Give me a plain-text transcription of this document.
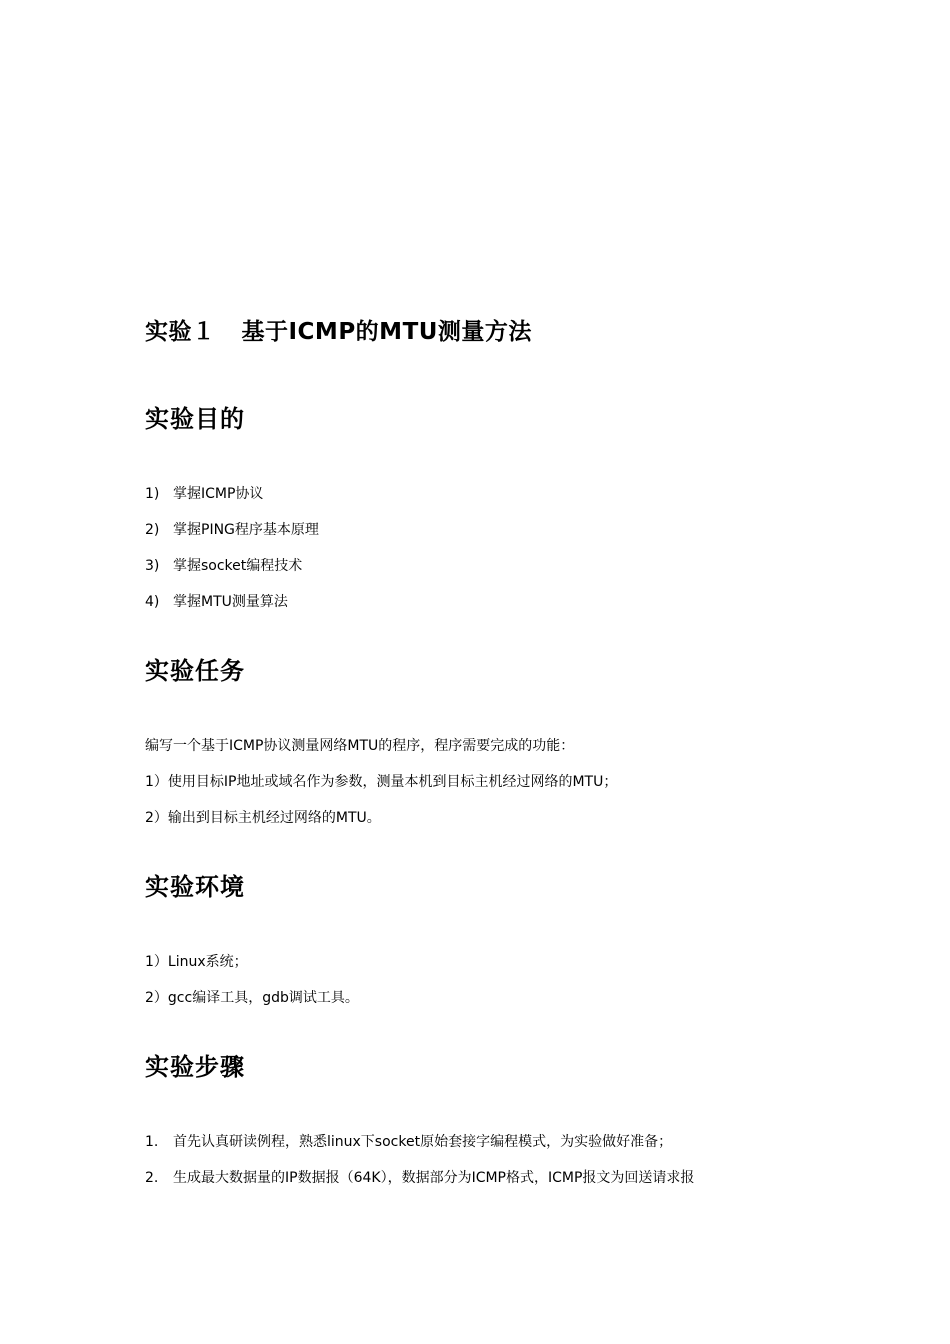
实验１ 基于ICMP的MTU测量方法
实验目的
1) 掌握ICMP协议
2) 掌握PING程序基本原理
3) 掌握socket编程技术
4) 掌握MTU测量算法
实验任务
编写一个基于ICMP协议测量网络MTU的程序，程序需要完成的功能：
1）使用目标IP地址或域名作为参数，测量本机到目标主机经过网络的MTU；
2）输出到目标主机经过网络的MTU。
实验环境
1）Linux系统；
2）gcc编译工具，gdb调试工具。
实验步骤
1. 首先认真研读例程，熟悉linux下socket原始套接字编程模式，为实验做好准备；
2. 生成最大数据量的IP数据报（64K），数据部分为ICMP格式，ICMP报文为回送请求报
